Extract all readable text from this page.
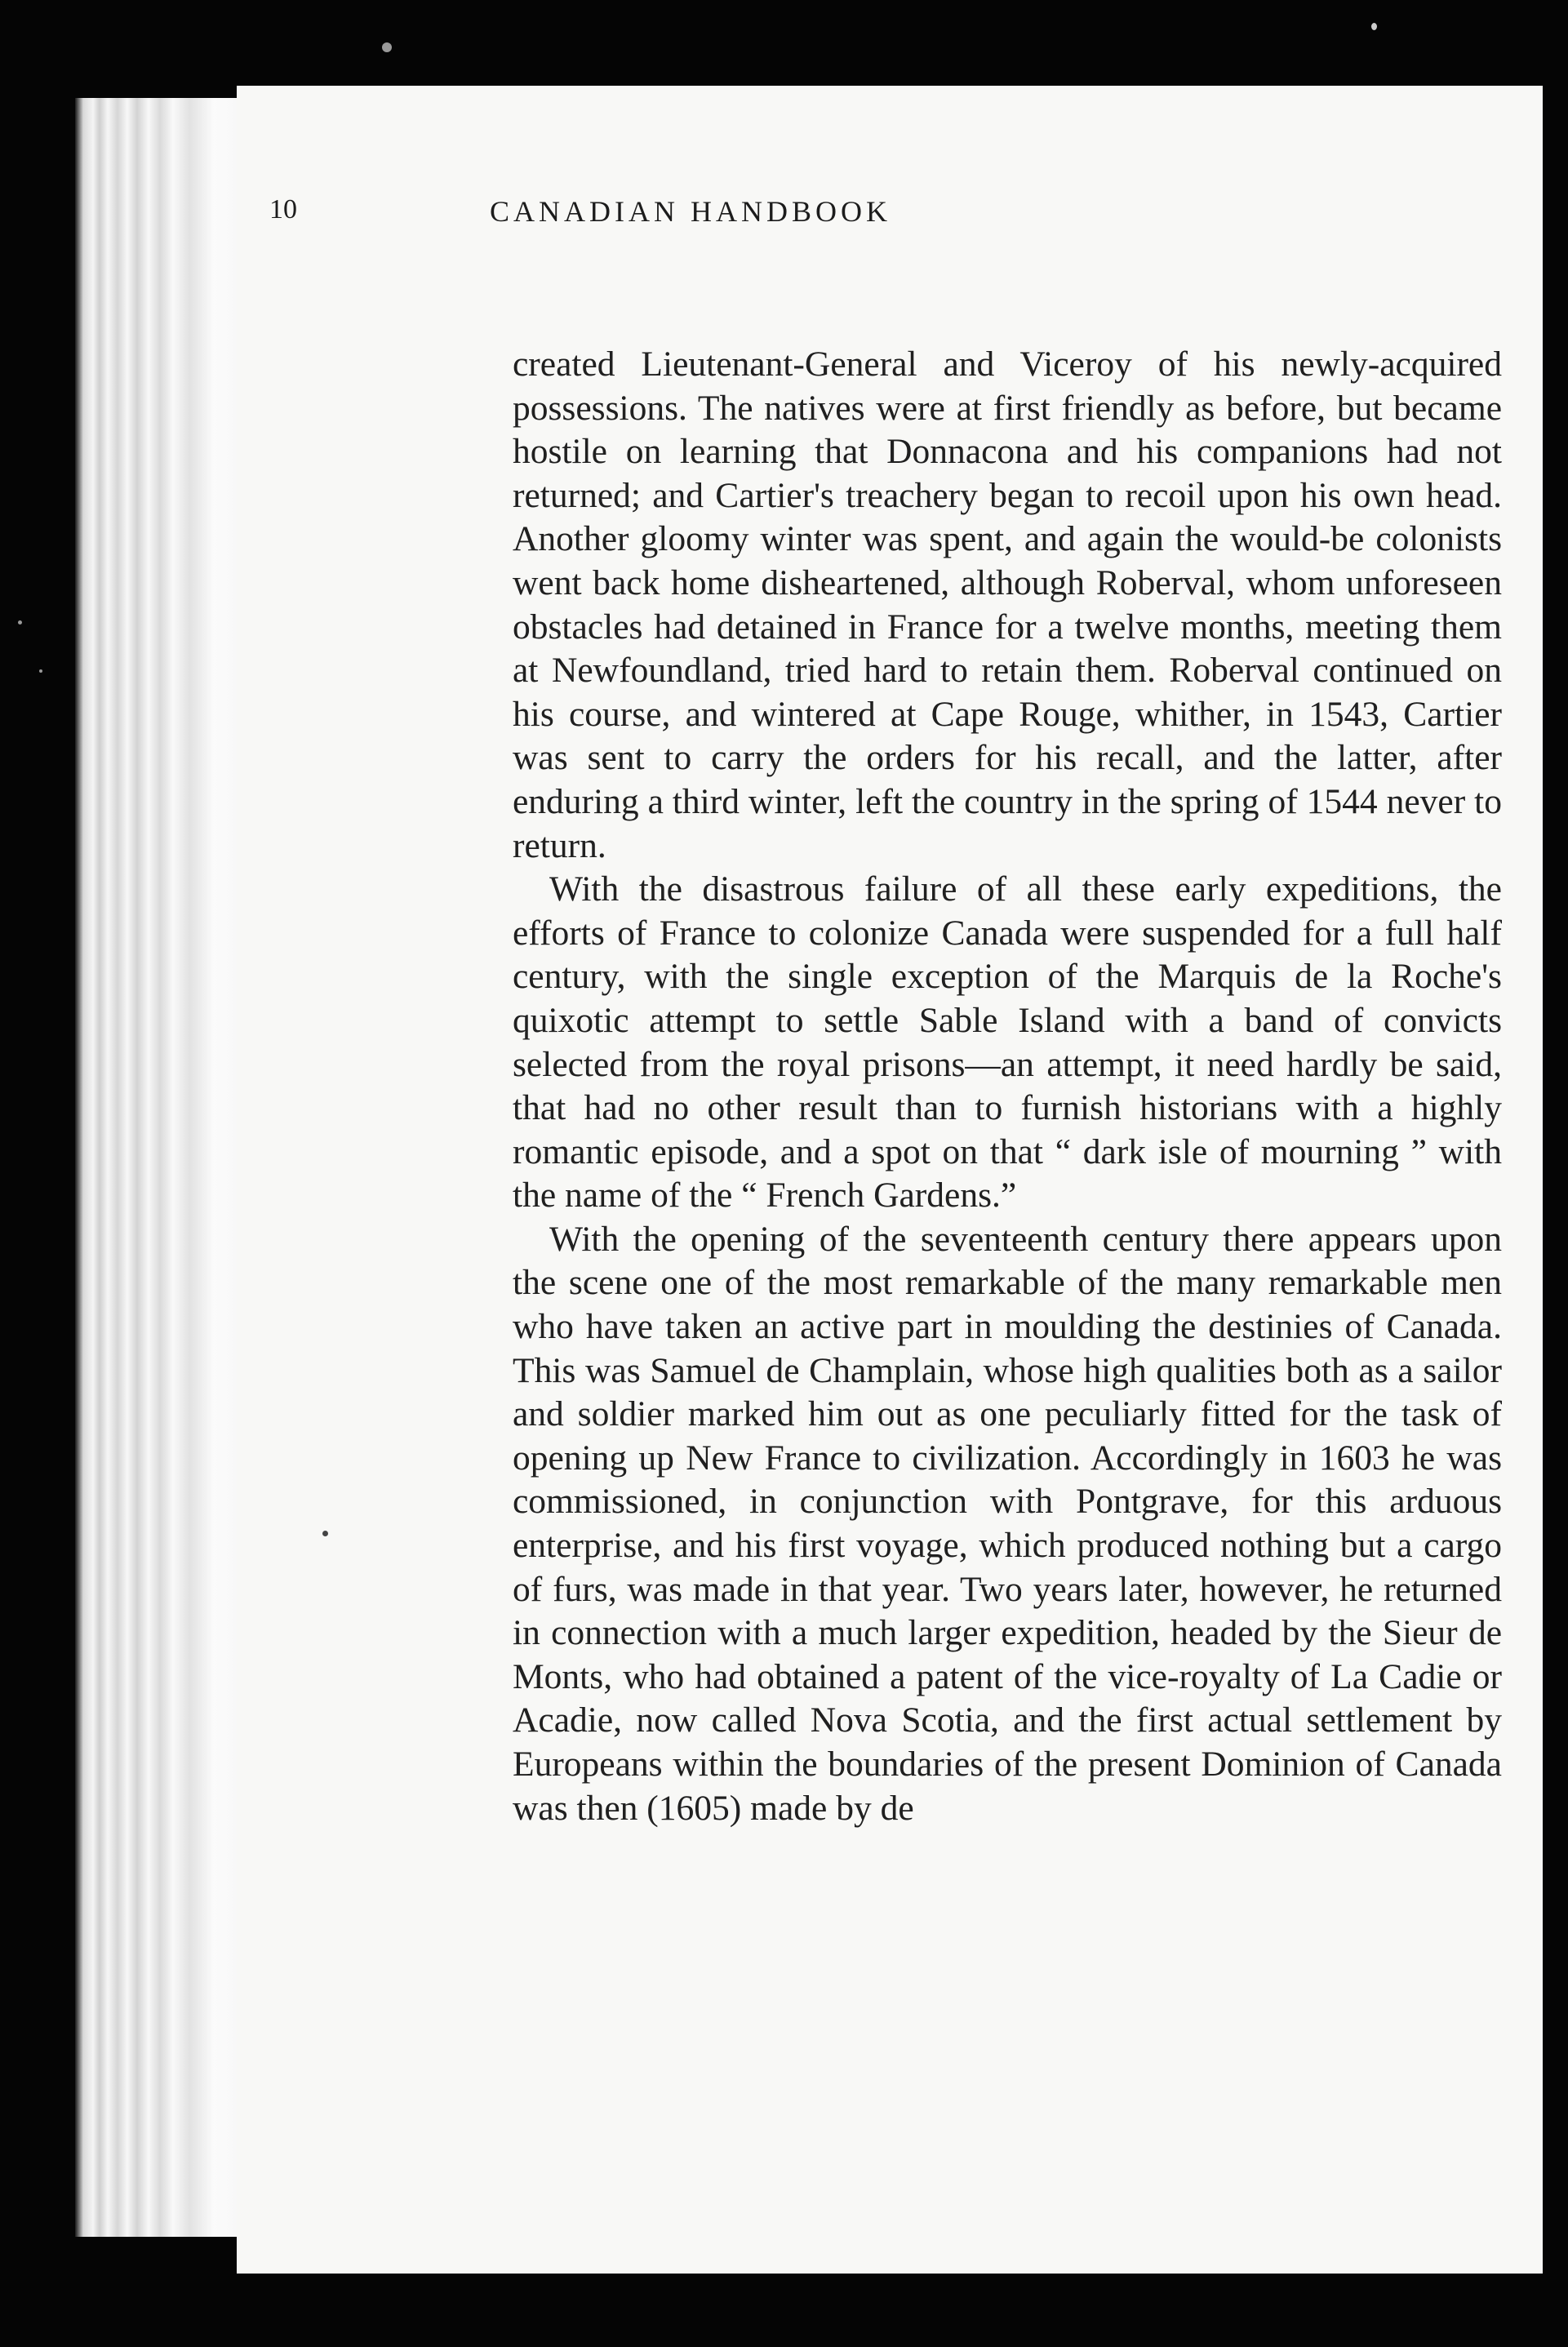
10	CANADIAN HANDBOOK

created Lieutenant-General and Viceroy of his newly-acquired possessions. The natives were at first friendly as before, but became hostile on learning that Donnacona and his companions had not returned; and Cartier's treachery began to recoil upon his own head. Another gloomy winter was spent, and again the would-be colonists went back home disheartened, although Roberval, whom unforeseen obstacles had detained in France for a twelve months, meeting them at Newfoundland, tried hard to retain them. Roberval continued on his course, and wintered at Cape Rouge, whither, in 1543, Cartier was sent to carry the orders for his recall, and the latter, after enduring a third winter, left the country in the spring of 1544 never to return.

With the disastrous failure of all these early expeditions, the efforts of France to colonize Canada were suspended for a full half century, with the single exception of the Marquis de la Roche's quixotic attempt to settle Sable Island with a band of convicts selected from the royal prisons—an attempt, it need hardly be said, that had no other result than to furnish historians with a highly romantic episode, and a spot on that “ dark isle of mourning ” with the name of the “ French Gardens.”

With the opening of the seventeenth century there appears upon the scene one of the most remarkable of the many remarkable men who have taken an active part in moulding the destinies of Canada. This was Samuel de Champlain, whose high qualities both as a sailor and soldier marked him out as one peculiarly fitted for the task of opening up New France to civilization. Accordingly in 1603 he was commissioned, in conjunction with Pontgrave, for this arduous enterprise, and his first voyage, which produced nothing but a cargo of furs, was made in that year. Two years later, however, he returned in connection with a much larger expedition, headed by the Sieur de Monts, who had obtained a patent of the vice-royalty of La Cadie or Acadie, now called Nova Scotia, and the first actual settlement by Europeans within the boundaries of the present Dominion of Canada was then (1605) made by de
